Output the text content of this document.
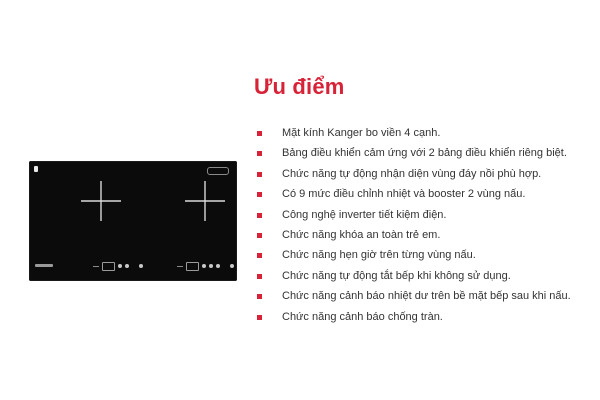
Ưu điểm
Mặt kính Kanger bo viền 4 cạnh.
Bảng điều khiển cảm ứng với 2 bảng điều khiển riêng biệt.
Chức năng tự động nhận diện vùng đáy nồi phù hợp.
Có 9 mức điều chỉnh nhiệt và booster 2 vùng nấu.
Công nghệ inverter tiết kiệm điện.
Chức năng khóa an toàn trẻ em.
Chức năng hẹn giờ trên từng vùng nấu.
Chức năng tự động tắt bếp khi không sử dụng.
Chức năng cảnh báo nhiệt dư trên bề mặt bếp sau khi nấu.
Chức năng cảnh báo chống tràn.
